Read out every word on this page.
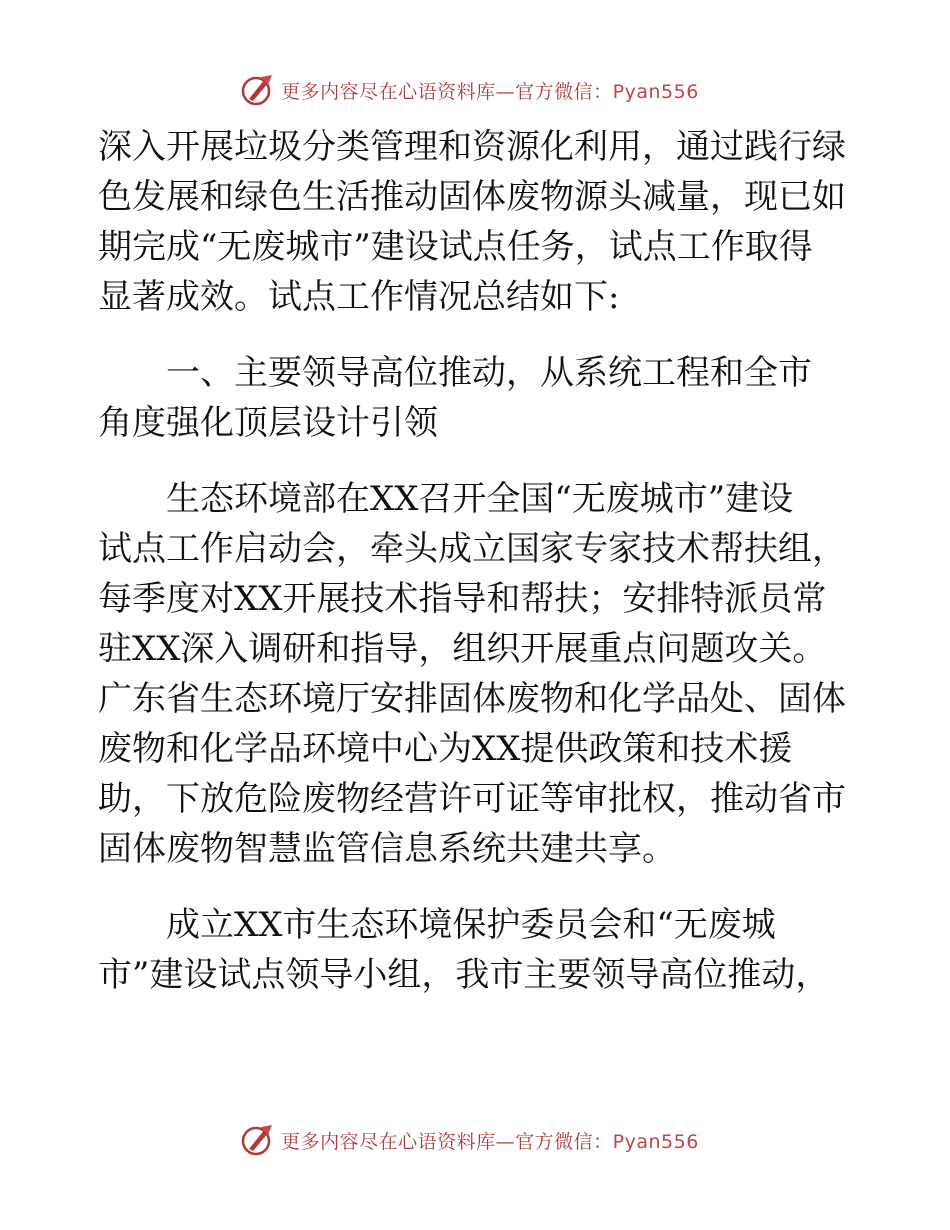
更多内容尽在心语资料库—官方微信：Pyan556
深入开展垃圾分类管理和资源化利用，通过践行绿
色发展和绿色生活推动固体废物源头减量，现已如
期完成“无废城市”建设试点任务，试点工作取得
显著成效。试点工作情况总结如下:
　　一、主要领导高位推动，从系统工程和全市
角度强化顶层设计引领
　　生态环境部在XX召开全国“无废城市”建设
试点工作启动会，牵头成立国家专家技术帮扶组，
每季度对XX开展技术指导和帮扶；安排特派员常
驻XX深入调研和指导，组织开展重点问题攻关。
广东省生态环境厅安排固体废物和化学品处、固体
废物和化学品环境中心为XX提供政策和技术援
助，下放危险废物经营许可证等审批权，推动省市
固体废物智慧监管信息系统共建共享。
　　成立XX市生态环境保护委员会和“无废城
市”建设试点领导小组，我市主要领导高位推动，
更多内容尽在心语资料库—官方微信：Pyan556
